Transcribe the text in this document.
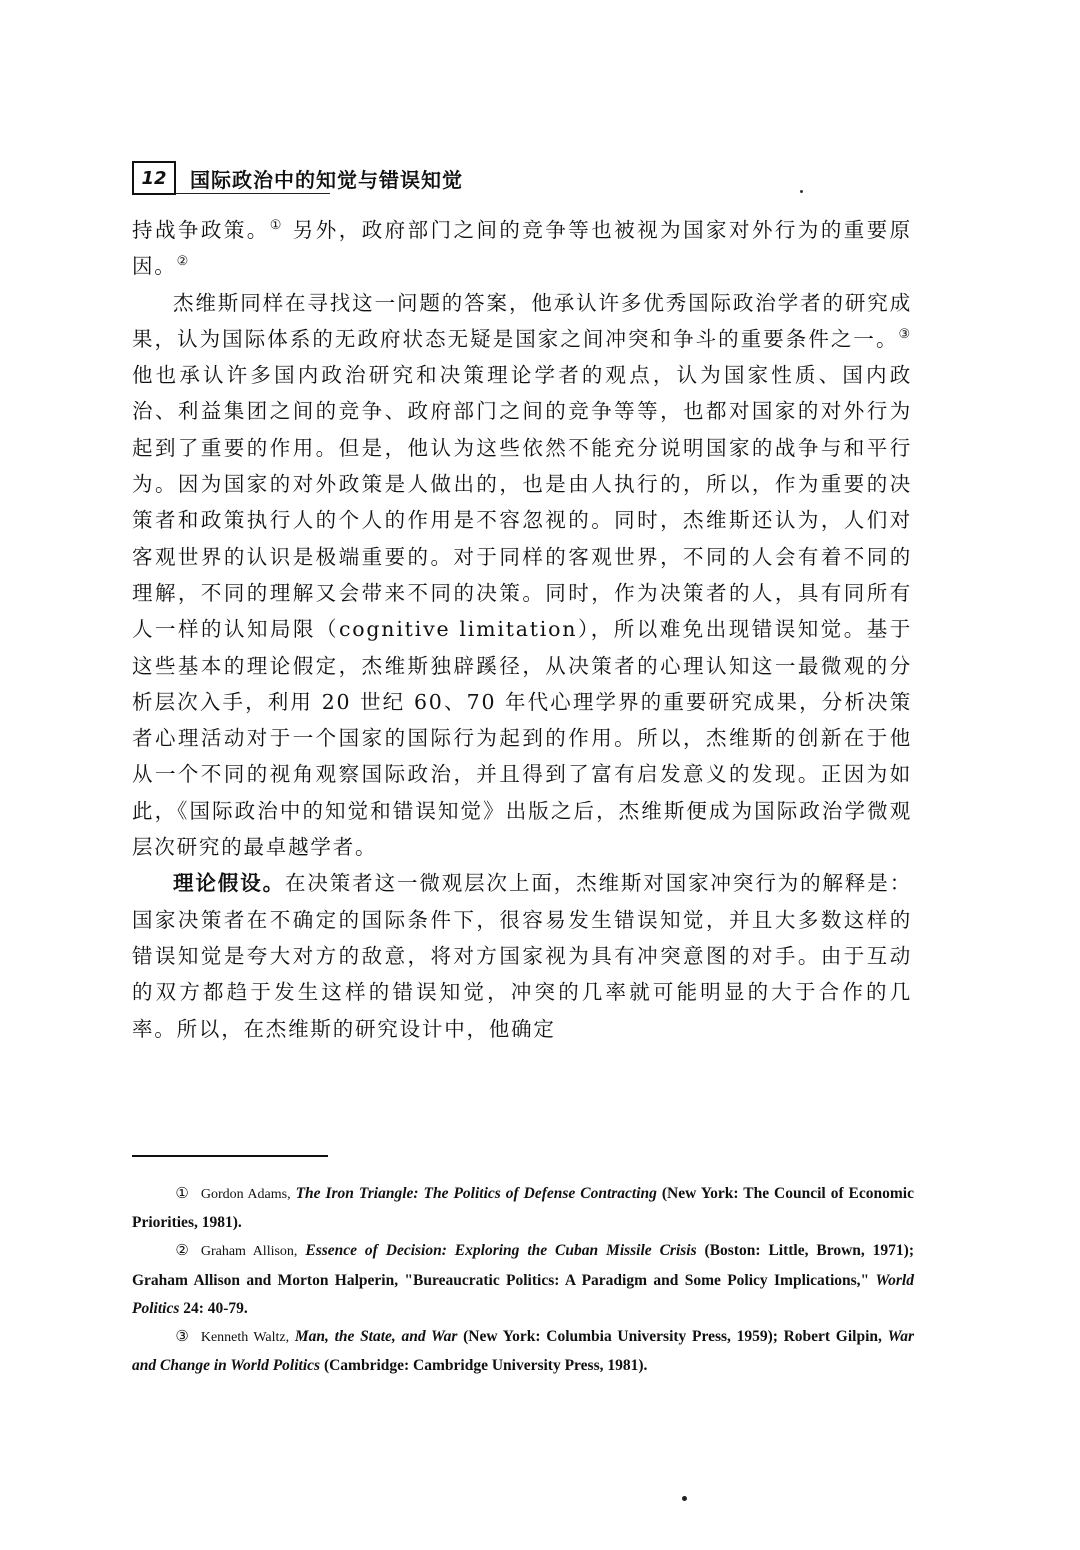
12	国际政治中的知觉与错误知觉

持战争政策。① 另外，政府部门之间的竞争等也被视为国家对外行为的重要原因。②

杰维斯同样在寻找这一问题的答案，他承认许多优秀国际政治学者的研究成果，认为国际体系的无政府状态无疑是国家之间冲突和争斗的重要条件之一。③ 他也承认许多国内政治研究和决策理论学者的观点，认为国家性质、国内政治、利益集团之间的竞争、政府部门之间的竞争等等，也都对国家的对外行为起到了重要的作用。但是，他认为这些依然不能充分说明国家的战争与和平行为。因为国家的对外政策是人做出的，也是由人执行的，所以，作为重要的决策者和政策执行人的个人的作用是不容忽视的。同时，杰维斯还认为，人们对客观世界的认识是极端重要的。对于同样的客观世界，不同的人会有着不同的理解，不同的理解又会带来不同的决策。同时，作为决策者的人，具有同所有人一样的认知局限（cognitive limitation），所以难免出现错误知觉。基于这些基本的理论假定，杰维斯独辟蹊径，从决策者的心理认知这一最微观的分析层次入手，利用 20 世纪 60、70 年代心理学界的重要研究成果，分析决策者心理活动对于一个国家的国际行为起到的作用。所以，杰维斯的创新在于他从一个不同的视角观察国际政治，并且得到了富有启发意义的发现。正因为如此，《国际政治中的知觉和错误知觉》出版之后，杰维斯便成为国际政治学微观层次研究的最卓越学者。

理论假设。在决策者这一微观层次上面，杰维斯对国家冲突行为的解释是：国家决策者在不确定的国际条件下，很容易发生错误知觉，并且大多数这样的错误知觉是夸大对方的敌意，将对方国家视为具有冲突意图的对手。由于互动的双方都趋于发生这样的错误知觉，冲突的几率就可能明显的大于合作的几率。所以，在杰维斯的研究设计中，他确定

① Gordon Adams, The Iron Triangle: The Politics of Defense Contracting (New York: The Council of Economic Priorities, 1981).

② Graham Allison, Essence of Decision: Exploring the Cuban Missile Crisis (Boston: Little, Brown, 1971); Graham Allison and Morton Halperin, "Bureaucratic Politics: A Paradigm and Some Policy Implications," World Politics 24: 40-79.

③ Kenneth Waltz, Man, the State, and War (New York: Columbia University Press, 1959); Robert Gilpin, War and Change in World Politics (Cambridge: Cambridge University Press, 1981).
